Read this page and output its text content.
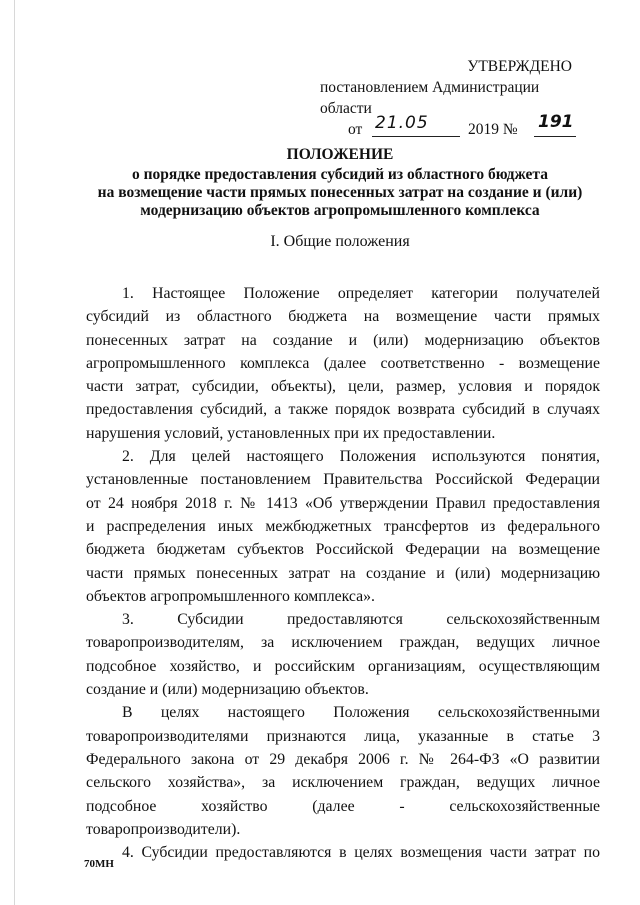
УТВЕРЖДЕНО
постановлением Администрации области
от 21.05	2019 № 191
ПОЛОЖЕНИЕ
о порядке предоставления субсидий из областного бюджета
на возмещение части прямых понесенных затрат на создание и (или)
модернизацию объектов агропромышленного комплекса
I. Общие положения
1. Настоящее Положение определяет категории получателей
субсидий из областного бюджета на возмещение части прямых
понесенных затрат на создание и (или) модернизацию объектов
агропромышленного комплекса (далее соответственно - возмещение
части затрат, субсидии, объекты), цели, размер, условия и порядок
предоставления субсидий, а также порядок возврата субсидий в случаях
нарушения условий, установленных при их предоставлении.
2. Для целей настоящего Положения используются понятия,
установленные постановлением Правительства Российской Федерации
от 24 ноября 2018 г. № 1413 «Об утверждении Правил предоставления
и распределения иных межбюджетных трансфертов из федерального
бюджета бюджетам субъектов Российской Федерации на возмещение
части прямых понесенных затрат на создание и (или) модернизацию
объектов агропромышленного комплекса».
3. Субсидии предоставляются сельскохозяйственным
товаропроизводителям, за исключением граждан, ведущих личное
подсобное хозяйство, и российским организациям, осуществляющим
создание и (или) модернизацию объектов.
В целях настоящего Положения сельскохозяйственными
товаропроизводителями признаются лица, указанные в статье 3
Федерального закона от 29 декабря 2006 г. № 264-ФЗ «О развитии
сельского хозяйства», за исключением граждан, ведущих личное
подсобное хозяйство (далее - сельскохозяйственные
товаропроизводители).
4. Субсидии предоставляются в целях возмещения части затрат по
70МН
